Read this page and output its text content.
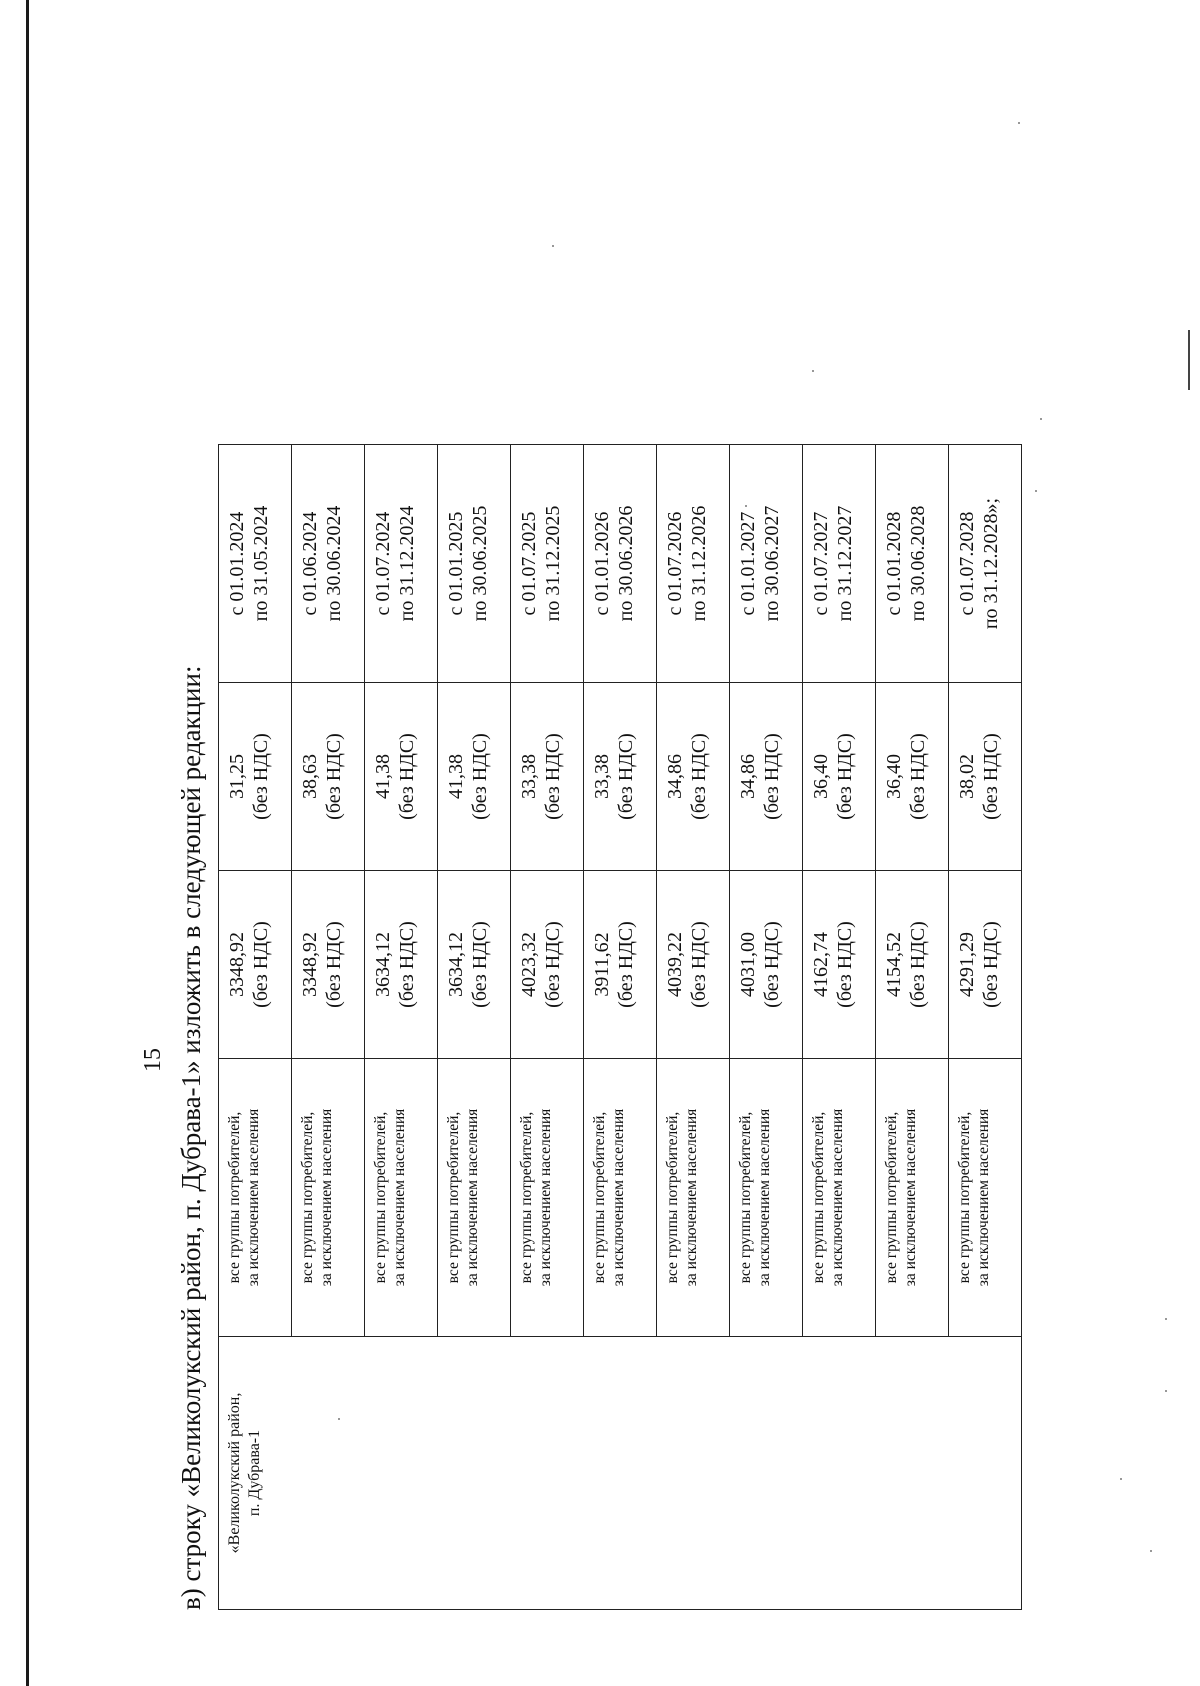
15 в) строку «Великолукский район, п. Дубрава-1» изложить в следующей редакции: «Великолукский район, п. Дубрава-1	все группы потребителей, за исключением населения	3348,92 (без НДС)	31,25 (без НДС)	с 01.01.2024 по 31.05.2024

	все группы потребителей, за исключением населения	3348,92 (без НДС)	38,63 (без НДС)	с 01.06.2024 по 30.06.2024

	все группы потребителей, за исключением населения	3634,12 (без НДС)	41,38 (без НДС)	с 01.07.2024 по 31.12.2024

	все группы потребителей, за исключением населения	3634,12 (без НДС)	41,38 (без НДС)	с 01.01.2025 по 30.06.2025

	все группы потребителей, за исключением населения	4023,32 (без НДС)	33,38 (без НДС)	с 01.07.2025 по 31.12.2025

	все группы потребителей, за исключением населения	3911,62 (без НДС)	33,38 (без НДС)	с 01.01.2026 по 30.06.2026

	все группы потребителей, за исключением населения	4039,22 (без НДС)	34,86 (без НДС)	с 01.07.2026 по 31.12.2026

	все группы потребителей, за исключением населения	4031,00 (без НДС)	34,86 (без НДС)	с 01.01.2027 по 30.06.2027

	все группы потребителей, за исключением населения	4162,74 (без НДС)	36,40 (без НДС)	с 01.07.2027 по 31.12.2027

	все группы потребителей, за исключением населения	4154,52 (без НДС)	36,40 (без НДС)	с 01.01.2028 по 30.06.2028

	все группы потребителей, за исключением населения	4291,29 (без НДС)	38,02 (без НДС)	с 01.07.2028 по 31.12.2028»;
